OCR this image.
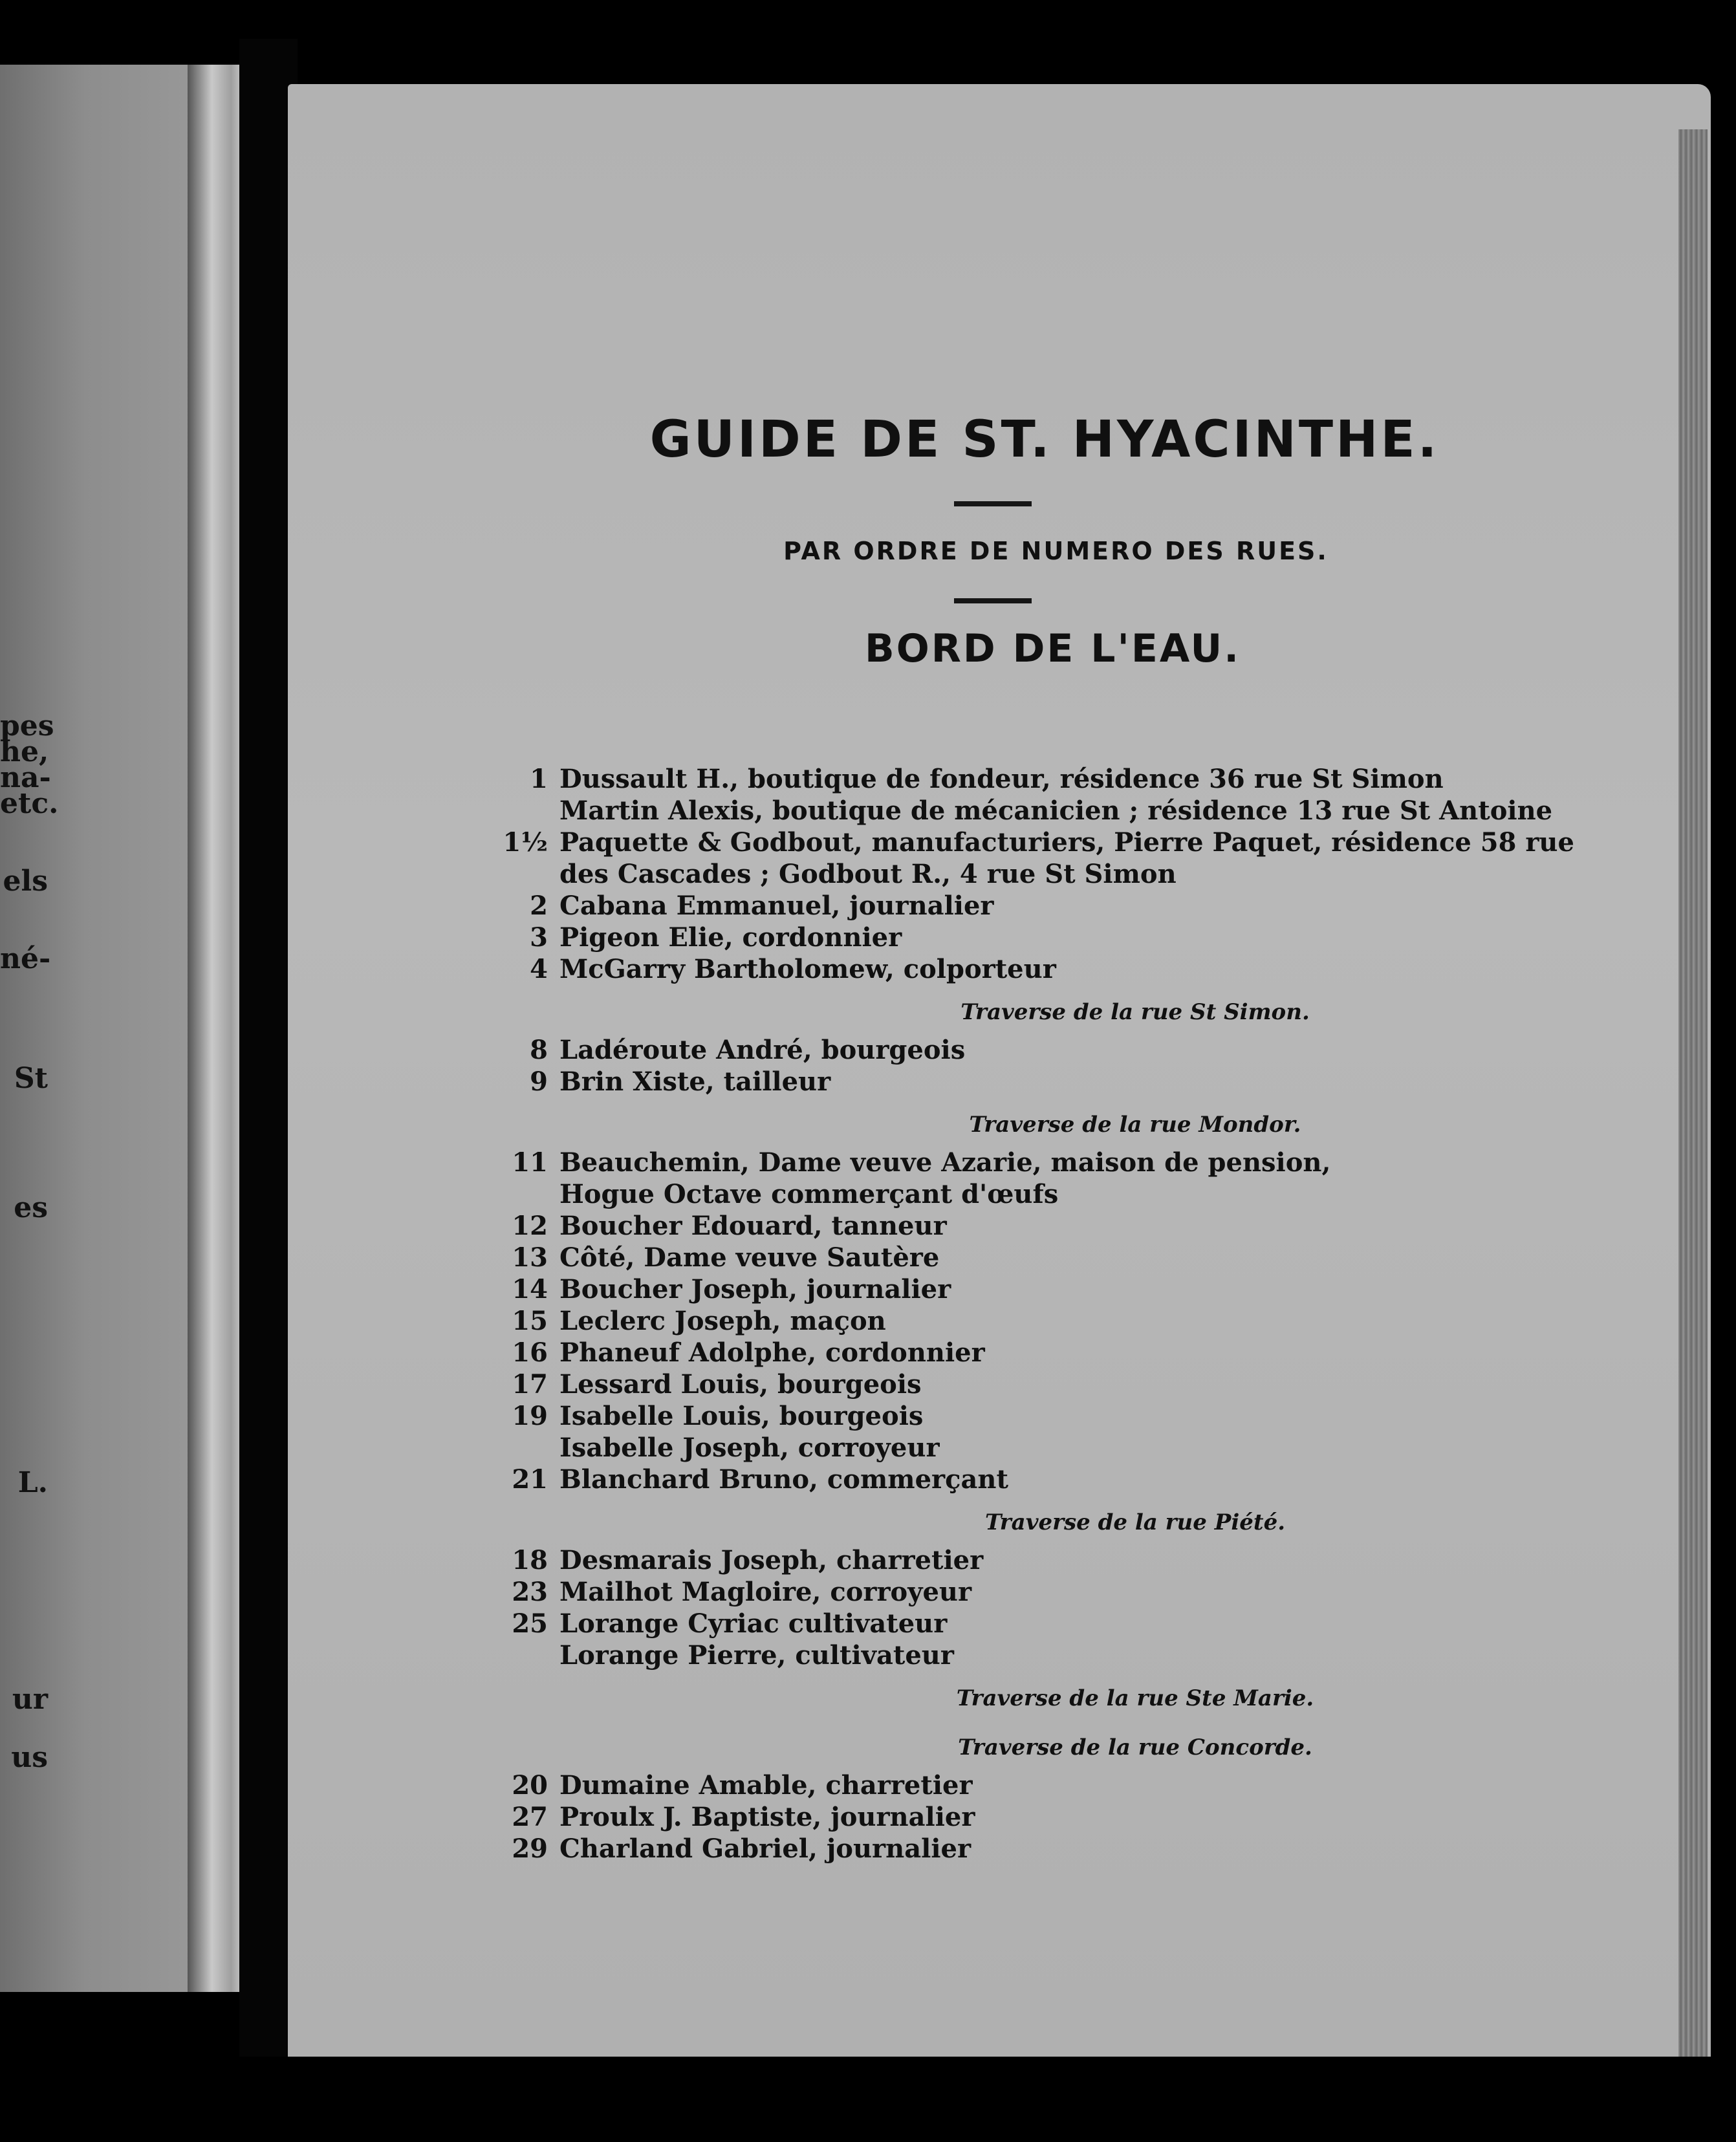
pes
he,
na-
etc.
els
né-
St
es
L.
ur
us
GUIDE DE ST. HYACINTHE.
PAR ORDRE DE NUMERO DES RUES.
BORD DE L'EAU.
1 Dussault H., boutique de fondeur, résidence 36 rue St Simon
Martin Alexis, boutique de mécanicien ; résidence 13 rue St Antoine
1½ Paquette & Godbout, manufacturiers, Pierre Paquet, résidence 58 rue
des Cascades ; Godbout R., 4 rue St Simon
2 Cabana Emmanuel, journalier
3 Pigeon Elie, cordonnier
4 McGarry Bartholomew, colporteur
Traverse de la rue St Simon.
8 Ladéroute André, bourgeois
9 Brin Xiste, tailleur
Traverse de la rue Mondor.
11 Beauchemin, Dame veuve Azarie, maison de pension,
Hogue Octave commerçant d'œufs
12 Boucher Edouard, tanneur
13 Côté, Dame veuve Sautère
14 Boucher Joseph, journalier
15 Leclerc Joseph, maçon
16 Phaneuf Adolphe, cordonnier
17 Lessard Louis, bourgeois
19 Isabelle Louis, bourgeois
Isabelle Joseph, corroyeur
21 Blanchard Bruno, commerçant
Traverse de la rue Piété.
18 Desmarais Joseph, charretier
23 Mailhot Magloire, corroyeur
25 Lorange Cyriac cultivateur
Lorange Pierre, cultivateur
Traverse de la rue Ste Marie.
Traverse de la rue Concorde.
20 Dumaine Amable, charretier
27 Proulx J. Baptiste, journalier
29 Charland Gabriel, journalier
